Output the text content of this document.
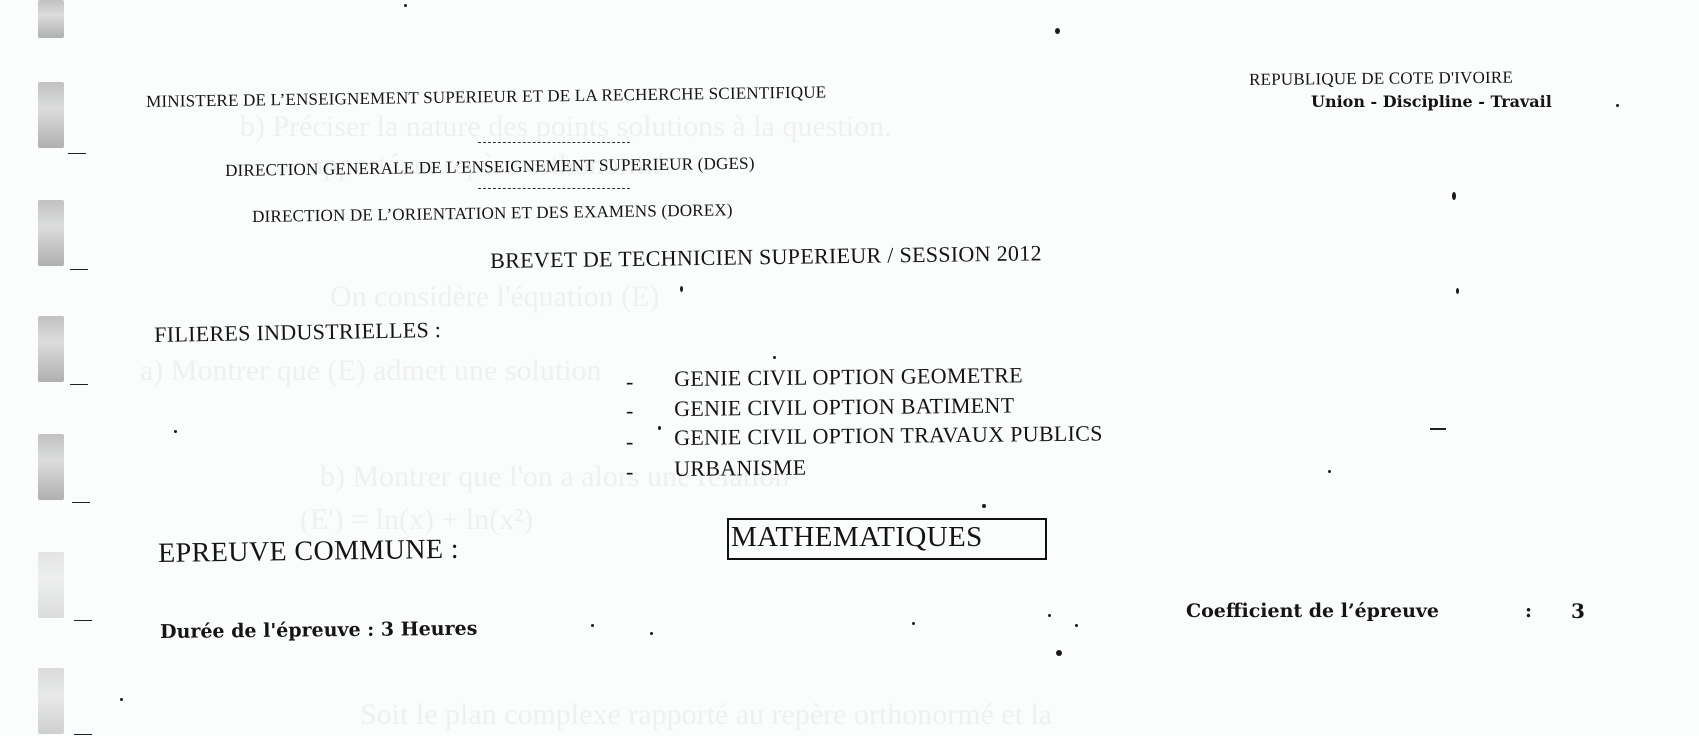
MINISTERE DE L’ENSEIGNEMENT SUPERIEUR ET DE LA RECHERCHE SCIENTIFIQUE
DIRECTION GENERALE DE L’ENSEIGNEMENT SUPERIEUR (DGES)
DIRECTION DE L’ORIENTATION ET DES EXAMENS (DOREX)
REPUBLIQUE DE COTE D'IVOIRE
Union - Discipline - Travail
BREVET DE TECHNICIEN SUPERIEUR / SESSION 2012
FILIERES INDUSTRIELLES :
- GENIE CIVIL OPTION GEOMETRE
- GENIE CIVIL OPTION BATIMENT
- GENIE CIVIL OPTION TRAVAUX PUBLICS
- URBANISME
EPREUVE COMMUNE :	MATHEMATIQUES
Durée de l'épreuve : 3 Heures
Coefficient de l’épreuve	: 3
